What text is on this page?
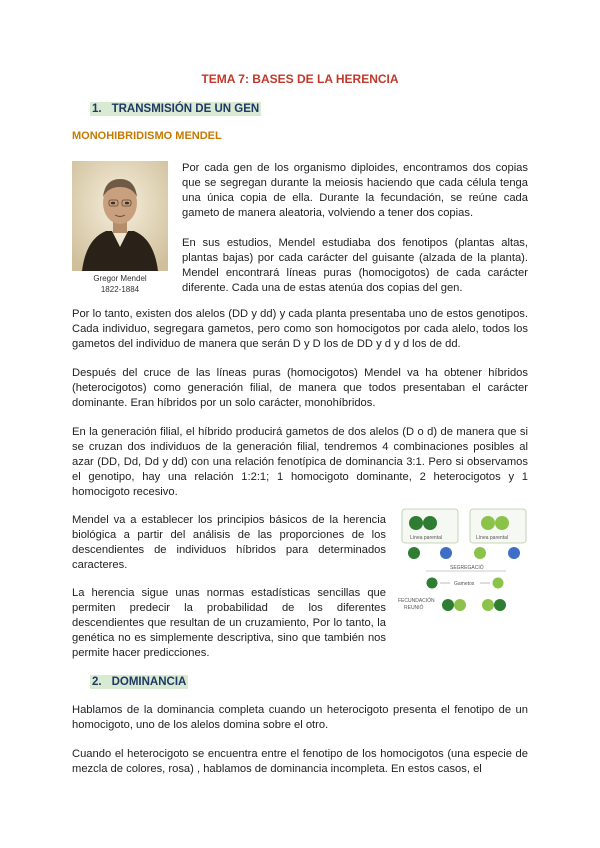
TEMA 7: BASES DE LA HERENCIA
1. TRANSMISIÓN DE UN GEN
MONOHIBRIDISMO MENDEL
Gregor Mendel
1822-1884
Por cada gen de los organismo diploides, encontramos dos copias que se segregan durante la meiosis haciendo que cada célula tenga una única copia de ella. Durante la fecundación, se reúne cada gameto de manera aleatoria, volviendo a tener dos copias.
En sus estudios, Mendel estudiaba dos fenotipos (plantas altas, plantas bajas) por cada carácter del guisante (alzada de la planta). Mendel encontrará líneas puras (homocigotos) de cada carácter diferente. Cada una de estas atenúa dos copias del gen.
Por lo tanto, existen dos alelos (DD y dd) y cada planta presentaba uno de estos genotipos. Cada individuo, segregara gametos, pero como son homocigotos por cada alelo, todos los gametos del individuo de manera que serán D y D los de DD y d y d los de dd.
Después del cruce de las líneas puras (homocigotos) Mendel va ha obtener híbridos (heterocigotos) como generación filial, de manera que todos presentaban el carácter dominante. Eran híbridos por un solo carácter, monohíbridos.
En la generación filial, el híbrido producirá gametos de dos alelos (D o d) de manera que si se cruzan dos individuos de la generación filial, tendremos 4 combinaciones posibles al azar (DD, Dd, Dd y dd) con una relación fenotípica de dominancia 3:1. Pero si observamos el genotipo, hay una relación 1:2:1; 1 homocigoto dominante, 2 heterocigotos y 1 homocigoto recesivo.
Mendel va a establecer los principios básicos de la herencia biológica a partir del análisis de las proporciones de los descendientes de individuos híbridos para determinados caracteres.
La herencia sigue unas normas estadísticas sencillas que permiten predecir la probabilidad de los diferentes descendientes que resultan de un cruzamiento, Por lo tanto, la genética no es simplemente descriptiva, sino que también nos permite hacer predicciones.
Línea parental	Línea parental
SEGREGACIÓ
Gametos
FECUNDACIÓN
REUNIÓ
2. DOMINANCIA
Hablamos de la dominancia completa cuando un heterocigoto presenta el fenotipo de un homocigoto, uno de los alelos domina sobre el otro.
Cuando el heterocigoto se encuentra entre el fenotipo de los homocigotos (una especie de mezcla de colores, rosa) , hablamos de dominancia incompleta. En estos casos, el
